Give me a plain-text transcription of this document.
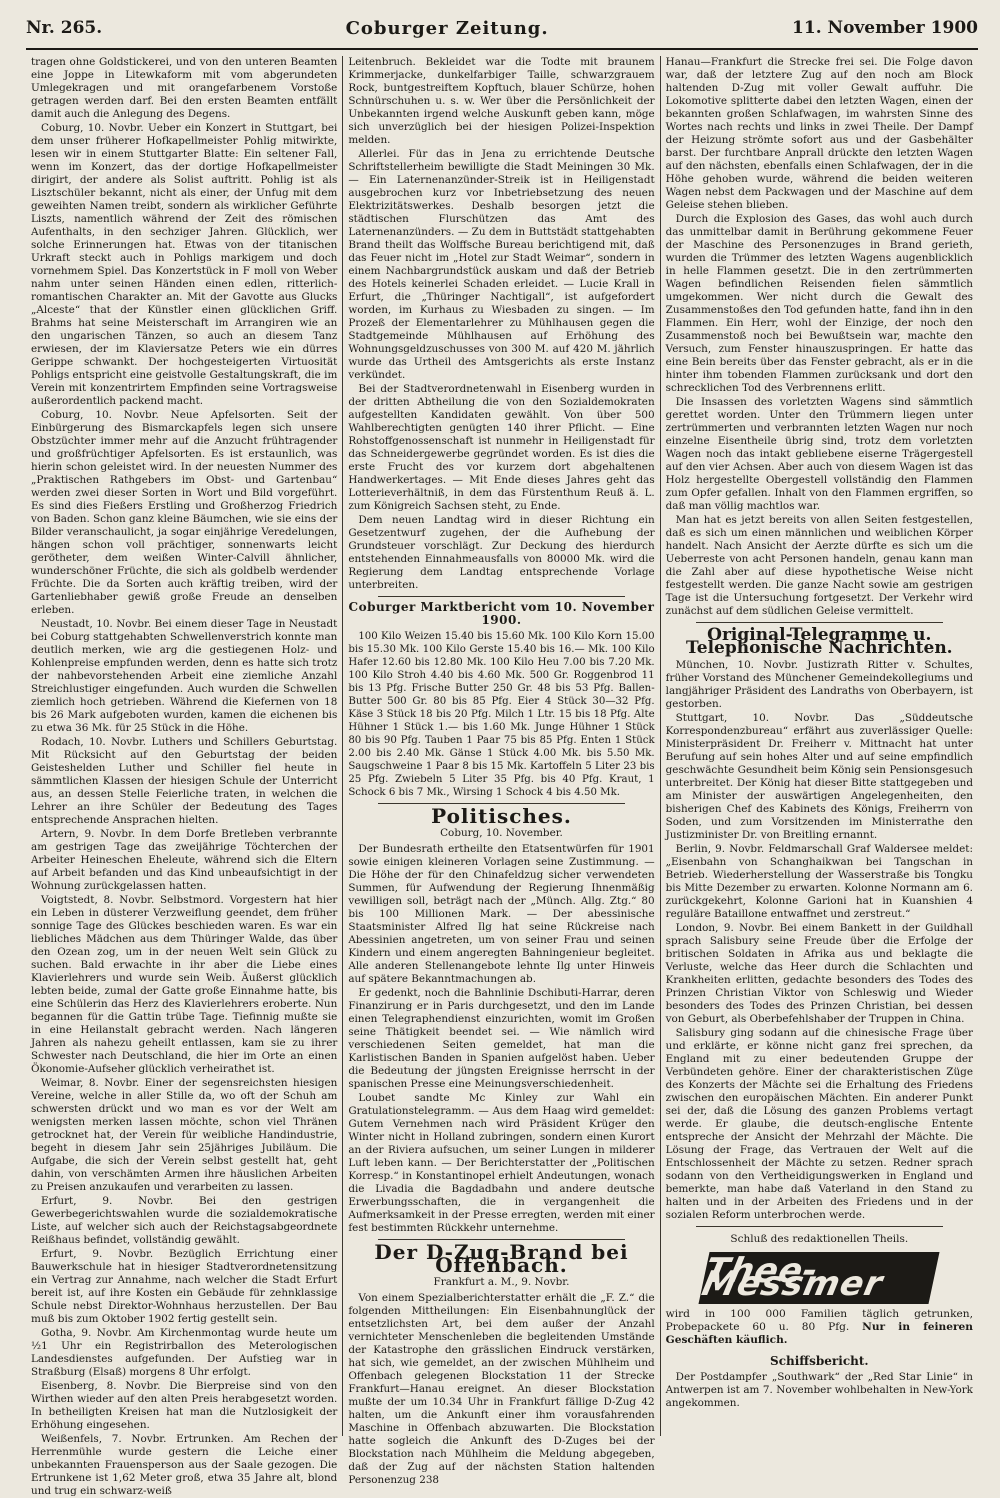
Nr. 265.	Coburger Zeitung.	11. November 1900

tragen ohne Goldstickerei, und von den unteren Beamten eine Joppe in Litewkaform mit vom abgerundeten Umlegekragen und mit orangefarbenem Vorstoße getragen werden darf. Bei den ersten Beamten entfällt damit auch die Anlegung des Degens.

Coburg, 10. Novbr. Ueber ein Konzert in Stuttgart, bei dem unser früherer Hofkapellmeister Pohlig mitwirkte, lesen wir in einem Stuttgarter Blatte: Ein seltener Fall, wenn im Konzert, das der dortige Hofkapellmeister dirigirt, der andere als Solist auftritt. Pohlig ist als Lisztschüler bekannt, nicht als einer, der Unfug mit dem geweihten Namen treibt, sondern als wirklicher Geführte Liszts, namentlich während der Zeit des römischen Aufenthalts, in den sechziger Jahren. Glücklich, wer solche Erinnerungen hat. Etwas von der titanischen Urkraft steckt auch in Pohligs markigem und doch vornehmem Spiel. Das Konzertstück in F moll von Weber nahm unter seinen Händen einen edlen, ritterlich-romantischen Charakter an. Mit der Gavotte aus Glucks „Alceste“ that der Künstler einen glücklichen Griff. Brahms hat seine Meisterschaft im Arrangiren wie an den ungarischen Tänzen, so auch an diesem Tanz erwiesen, der im Klaviersatze Peters wie ein dürres Gerippe schwankt. Der hochgesteigerten Virtuosität Pohligs entspricht eine geistvolle Gestaltungskraft, die im Verein mit konzentrirtem Empfinden seine Vortragsweise außerordentlich packend macht.

Coburg, 10. Novbr. Neue Apfelsorten. Seit der Einbürgerung des Bismarckapfels legen sich unsere Obstzüchter immer mehr auf die Anzucht frühtragender und großfrüchtiger Apfelsorten. Es ist erstaunlich, was hierin schon geleistet wird. In der neuesten Nummer des „Praktischen Rathgebers im Obst- und Gartenbau“ werden zwei dieser Sorten in Wort und Bild vorgeführt. Es sind dies Fießers Erstling und Großherzog Friedrich von Baden. Schon ganz kleine Bäumchen, wie sie eins der Bilder veranschaulicht, ja sogar einjährige Veredelungen, hängen schon voll prächtiger, sonnenwarts leicht gerötheter, dem weißen Winter-Calvill ähnlicher, wunderschöner Früchte, die sich als goldbelb werdender Früchte. Die da Sorten auch kräftig treiben, wird der Gartenliebhaber gewiß große Freude an denselben erleben.

Neustadt, 10. Novbr. Bei einem dieser Tage in Neustadt bei Coburg stattgehabten Schwellenverstrich konnte man deutlich merken, wie arg die gestiegenen Holz- und Kohlenpreise empfunden werden, denn es hatte sich trotz der nahbevorstehenden Arbeit eine ziemliche Anzahl Streichlustiger eingefunden. Auch wurden die Schwellen ziemlich hoch getrieben. Während die Kiefernen von 18 bis 26 Mark aufgeboten wurden, kamen die eichenen bis zu etwa 36 Mk. für 25 Stück in die Höhe.

Rodach, 10. Novbr. Luthers und Schillers Geburtstag. Mit Rücksicht auf den Geburtstag der beiden Geisteshelden Luther und Schiller fiel heute in sämmtlichen Klassen der hiesigen Schule der Unterricht aus, an dessen Stelle Feierliche traten, in welchen die Lehrer an ihre Schüler der Bedeutung des Tages entsprechende Ansprachen hielten.

Artern, 9. Novbr. In dem Dorfe Bretleben verbrannte am gestrigen Tage das zweijährige Töchterchen der Arbeiter Heineschen Eheleute, während sich die Eltern auf Arbeit befanden und das Kind unbeaufsichtigt in der Wohnung zurückgelassen hatten.

Voigtstedt, 8. Novbr. Selbstmord. Vorgestern hat hier ein Leben in düsterer Verzweiflung geendet, dem früher sonnige Tage des Glückes beschieden waren. Es war ein liebliches Mädchen aus dem Thüringer Walde, das über den Ozean zog, um in der neuen Welt sein Glück zu suchen. Bald erwachte in ihr aber die Liebe eines Klavierlehrers und wurde sein Weib. Äußerst glücklich lebten beide, zumal der Gatte große Einnahme hatte, bis eine Schülerin das Herz des Klavierlehrers eroberte. Nun begannen für die Gattin trübe Tage. Tiefinnig mußte sie in eine Heilanstalt gebracht werden. Nach längeren Jahren als nahezu geheilt entlassen, kam sie zu ihrer Schwester nach Deutschland, die hier im Orte an einen Ökonomie-Aufseher glücklich verheirathet ist.

Weimar, 8. Novbr. Einer der segensreichsten hiesigen Vereine, welche in aller Stille da, wo oft der Schuh am schwersten drückt und wo man es vor der Welt am wenigsten merken lassen möchte, schon viel Thränen getrocknet hat, der Verein für weibliche Handindustrie, begeht in diesem Jahr sein 25jähriges Jubiläum. Die Aufgabe, die sich der Verein selbst gestellt hat, geht dahin, von verschämten Armen ihre häuslichen Arbeiten zu Preisen anzukaufen und verarbeiten zu lassen.

Erfurt, 9. Novbr. Bei den gestrigen Gewerbegerichtswahlen wurde die sozialdemokratische Liste, auf welcher sich auch der Reichstagsabgeordnete Reißhaus befindet, vollständig gewählt.

Erfurt, 9. Novbr. Bezüglich Errichtung einer Bauwerkschule hat in hiesiger Stadtverordnetensitzung ein Vertrag zur Annahme, nach welcher die Stadt Erfurt bereit ist, auf ihre Kosten ein Gebäude für zehnklassige Schule nebst Direktor-Wohnhaus herzustellen. Der Bau muß bis zum Oktober 1902 fertig gestellt sein.

Gotha, 9. Novbr. Am Kirchenmontag wurde heute um ½1 Uhr ein Registrirballon des Meterologischen Landesdienstes aufgefunden. Der Aufstieg war in Straßburg (Elsaß) morgens 8 Uhr erfolgt.

Eisenberg, 8. Novbr. Die Bierpreise sind von den Wirthen wieder auf den alten Preis herabgesetzt worden. In betheiligten Kreisen hat man die Nutzlosigkeit der Erhöhung eingesehen.

Weißenfels, 7. Novbr. Ertrunken. Am Rechen der Herrenmühle wurde gestern die Leiche einer unbekannten Frauensperson aus der Saale gezogen. Die Ertrunkene ist 1,62 Meter groß, etwa 35 Jahre alt, blond und trug ein schwarz-weiß

Leitenbruch. Bekleidet war die Todte mit braunem Krimmerjacke, dunkelfarbiger Taille, schwarzgrauem Rock, buntgestreiftem Kopftuch, blauer Schürze, hohen Schnürschuhen u. s. w. Wer über die Persönlichkeit der Unbekannten irgend welche Auskunft geben kann, möge sich unverzüglich bei der hiesigen Polizei-Inspektion melden.

Allerlei. Für das in Jena zu errichtende Deutsche Schriftstellerheim bewilligte die Stadt Meiningen 30 Mk. — Ein Laternenanzünder-Streik ist in Heiligenstadt ausgebrochen kurz vor Inbetriebsetzung des neuen Elektrizitätswerkes. Deshalb besorgen jetzt die städtischen Flurschützen das Amt des Laternenanzünders. — Zu dem in Buttstädt stattgehabten Brand theilt das Wolffsche Bureau berichtigend mit, daß das Feuer nicht im „Hotel zur Stadt Weimar“, sondern in einem Nachbargrundstück auskam und daß der Betrieb des Hotels keinerlei Schaden erleidet. — Lucie Krall in Erfurt, die „Thüringer Nachtigall“, ist aufgefordert worden, im Kurhaus zu Wiesbaden zu singen. — Im Prozeß der Elementarlehrer zu Mühlhausen gegen die Stadtgemeinde Mühlhausen auf Erhöhung des Wohnungsgeldzuschusses von 300 M. auf 420 M. jährlich wurde das Urtheil des Amtsgerichts als erste Instanz verkündet.

Bei der Stadtverordnetenwahl in Eisenberg wurden in der dritten Abtheilung die von den Sozialdemokraten aufgestellten Kandidaten gewählt. Von über 500 Wahlberechtigten genügten 140 ihrer Pflicht. — Eine Rohstoffgenossenschaft ist nunmehr in Heiligenstadt für das Schneidergewerbe gegründet worden. Es ist dies die erste Frucht des vor kurzem dort abgehaltenen Handwerkertages. — Mit Ende dieses Jahres geht das Lotterieverhältniß, in dem das Fürstenthum Reuß ä. L. zum Königreich Sachsen steht, zu Ende.

Dem neuen Landtag wird in dieser Richtung ein Gesetzentwurf zugehen, der die Aufhebung der Grundsteuer vorschlägt. Zur Deckung des hierdurch entstehenden Einnahmeausfalls von 80000 Mk. wird die Regierung dem Landtag entsprechende Vorlage unterbreiten.

Coburger Marktbericht vom 10. November 1900.

100 Kilo Weizen 15.40 bis 15.60 Mk. 100 Kilo Korn 15.00 bis 15.30 Mk. 100 Kilo Gerste 15.40 bis 16.— Mk. 100 Kilo Hafer 12.60 bis 12.80 Mk. 100 Kilo Heu 7.00 bis 7.20 Mk. 100 Kilo Stroh 4.40 bis 4.60 Mk. 500 Gr. Roggenbrod 11 bis 13 Pfg. Frische Butter 250 Gr. 48 bis 53 Pfg. Ballen-Butter 500 Gr. 80 bis 85 Pfg. Eier 4 Stück 30—32 Pfg. Käse 3 Stück 18 bis 20 Pfg. Milch 1 Ltr. 15 bis 18 Pfg. Alte Hühner 1 Stück 1.— bis 1.60 Mk. Junge Hühner 1 Stück 80 bis 90 Pfg. Tauben 1 Paar 75 bis 85 Pfg. Enten 1 Stück 2.00 bis 2.40 Mk. Gänse 1 Stück 4.00 Mk. bis 5.50 Mk. Saugschweine 1 Paar 8 bis 15 Mk. Kartoffeln 5 Liter 23 bis 25 Pfg. Zwiebeln 5 Liter 35 Pfg. bis 40 Pfg. Kraut, 1 Schock 6 bis 7 Mk., Wirsing 1 Schock 4 bis 4.50 Mk.

Politisches.
Coburg, 10. November.

Der Bundesrath ertheilte den Etatsentwürfen für 1901 sowie einigen kleineren Vorlagen seine Zustimmung. — Die Höhe der für den Chinafeldzug sicher verwendeten Summen, für Aufwendung der Regierung Ihnenmäßig vewilligen soll, beträgt nach der „Münch. Allg. Ztg.“ 80 bis 100 Millionen Mark. — Der abessinische Staatsminister Alfred Ilg hat seine Rückreise nach Abessinien angetreten, um von seiner Frau und seinen Kindern und einem angeregten Bahningenieur begleitet. Alle anderen Stellenangebote lehnte Ilg unter Hinweis auf spätere Bekanntmachungen ab.

Er gedenkt, noch die Bahnlinie Dschibuti-Harrar, deren Finanzirung er in Paris durchgesetzt, und den im Lande einen Telegraphendienst einzurichten, womit im Großen seine Thätigkeit beendet sei. — Wie nämlich wird verschiedenen Seiten gemeldet, hat man die Karlistischen Banden in Spanien aufgelöst haben. Ueber die Bedeutung der jüngsten Ereignisse herrscht in der spanischen Presse eine Meinungsverschiedenheit.

Loubet sandte Mc Kinley zur Wahl ein Gratulationstelegramm. — Aus dem Haag wird gemeldet: Gutem Vernehmen nach wird Präsident Krüger den Winter nicht in Holland zubringen, sondern einen Kurort an der Riviera aufsuchen, um seiner Lungen in milderer Luft leben kann. — Der Berichterstatter der „Politischen Korresp.“ in Konstantinopel erhielt Andeutungen, wonach die Livadia die Bagdadbahn und andere deutsche Erwerbungsschaften, die in vergangenheit die Aufmerksamkeit in der Presse erregten, werden mit einer fest bestimmten Rückkehr unternehme.

Der D-Zug-Brand bei Offenbach.
Frankfurt a. M., 9. Novbr.

Von einem Spezialberichterstatter erhält die „F. Z.“ die folgenden Mittheilungen: Ein Eisenbahnunglück der entsetzlichsten Art, bei dem außer der Anzahl vernichteter Menschenleben die begleitenden Umstände der Katastrophe den grässlichen Eindruck verstärken, hat sich, wie gemeldet, an der zwischen Mühlheim und Offenbach gelegenen Blockstation 11 der Strecke Frankfurt—Hanau ereignet. An dieser Blockstation mußte der um 10.34 Uhr in Frankfurt fällige D-Zug 42 halten, um die Ankunft einer ihm vorausfahrenden Maschine in Offenbach abzuwarten. Die Blockstation hatte sogleich die Ankunft des D-Zuges bei der Blockstation nach Mühlheim die Meldung abgegeben, daß der Zug auf der nächsten Station haltenden Personenzug 238

Hanau—Frankfurt die Strecke frei sei. Die Folge davon war, daß der letztere Zug auf den noch am Block haltenden D-Zug mit voller Gewalt auffuhr. Die Lokomotive splitterte dabei den letzten Wagen, einen der bekannten großen Schlafwagen, im wahrsten Sinne des Wortes nach rechts und links in zwei Theile. Der Dampf der Heizung strömte sofort aus und der Gasbehälter barst. Der furchtbare Anprall drückte den letzten Wagen auf den nächsten, ebenfalls einen Schlafwagen, der in die Höhe gehoben wurde, während die beiden weiteren Wagen nebst dem Packwagen und der Maschine auf dem Geleise stehen blieben.

Durch die Explosion des Gases, das wohl auch durch das unmittelbar damit in Berührung gekommene Feuer der Maschine des Personenzuges in Brand gerieth, wurden die Trümmer des letzten Wagens augenblicklich in helle Flammen gesetzt. Die in den zertrümmerten Wagen befindlichen Reisenden fielen sämmtlich umgekommen. Wer nicht durch die Gewalt des Zusammenstoßes den Tod gefunden hatte, fand ihn in den Flammen. Ein Herr, wohl der Einzige, der noch den Zusammenstoß noch bei Bewußtsein war, machte den Versuch, zum Fenster hinauszuspringen. Er hatte das eine Bein bereits über das Fenster gebracht, als er in die hinter ihm tobenden Flammen zurücksank und dort den schrecklichen Tod des Verbrennens erlitt.

Die Insassen des vorletzten Wagens sind sämmtlich gerettet worden. Unter den Trümmern liegen unter zertrümmerten und verbrannten letzten Wagen nur noch einzelne Eisentheile übrig sind, trotz dem vorletzten Wagen noch das intakt gebliebene eiserne Trägergestell auf den vier Achsen. Aber auch von diesem Wagen ist das Holz hergestellte Obergestell vollständig den Flammen zum Opfer gefallen. Inhalt von den Flammen ergriffen, so daß man völlig machtlos war.

Man hat es jetzt bereits von allen Seiten festgestellen, daß es sich um einen männlichen und weiblichen Körper handelt. Nach Ansicht der Aerzte dürfte es sich um die Ueberreste von acht Personen handeln, genau kann man die Zahl aber auf diese hypothetische Weise nicht festgestellt werden. Die ganze Nacht sowie am gestrigen Tage ist die Untersuchung fortgesetzt. Der Verkehr wird zunächst auf dem südlichen Geleise vermittelt.

Original-Telegramme u. Telephonische Nachrichten.

München, 10. Novbr. Justizrath Ritter v. Schultes, früher Vorstand des Münchener Gemeindekollegiums und langjähriger Präsident des Landraths von Oberbayern, ist gestorben.

Stuttgart, 10. Novbr. Das „Süddeutsche Korrespondenzbureau“ erfährt aus zuverlässiger Quelle: Ministerpräsident Dr. Freiherr v. Mittnacht hat unter Berufung auf sein hohes Alter und auf seine empfindlich geschwächte Gesundheit beim König sein Pensionsgesuch unterbreitet. Der König hat dieser Bitte stattgegeben und am Minister der auswärtigen Angelegenheiten, den bisherigen Chef des Kabinets des Königs, Freiherrn von Soden, und zum Vorsitzenden im Ministerrathe den Justizminister Dr. von Breitling ernannt.

Berlin, 9. Novbr. Feldmarschall Graf Waldersee meldet: „Eisenbahn von Schanghaikwan bei Tangschan in Betrieb. Wiederherstellung der Wasserstraße bis Tongku bis Mitte Dezember zu erwarten. Kolonne Normann am 6. zurückgekehrt, Kolonne Garioni hat in Kuanshien 4 reguläre Bataillone entwaffnet und zerstreut.“

London, 9. Novbr. Bei einem Bankett in der Guildhall sprach Salisbury seine Freude über die Erfolge der britischen Soldaten in Afrika aus und beklagte die Verluste, welche das Heer durch die Schlachten und Krankheiten erlitten, gedachte besonders des Todes des Prinzen Christian Viktor von Schleswig und Wieder besonders des Todes des Prinzen Christian, bei dessen von Geburt, als Oberbefehlshaber der Truppen in China.

Salisbury ging sodann auf die chinesische Frage über und erklärte, er könne nicht ganz frei sprechen, da England mit zu einer bedeutenden Gruppe der Verbündeten gehöre. Einer der charakteristischen Züge des Konzerts der Mächte sei die Erhaltung des Friedens zwischen den europäischen Mächten. Ein anderer Punkt sei der, daß die Lösung des ganzen Problems vertagt werde. Er glaube, die deutsch-englische Entente entspreche der Ansicht der Mehrzahl der Mächte. Die Lösung der Frage, das Vertrauen der Welt auf die Entschlossenheit der Mächte zu setzen. Redner sprach sodann von den Vertheidigungswerken in England und bemerkte, man habe daß Vaterland in den Stand zu halten und in der Arbeiten des Friedens und in der sozialen Reform unterbrochen werde.

Schluß des redaktionellen Theils.
Thee-Messmer

wird in 100 000 Familien täglich getrunken, Probepackete 60 u. 80 Pfg. Nur in feineren Geschäften käuflich.

Schiffsbericht.

Der Postdampfer „Southwark“ der „Red Star Linie“ in Antwerpen ist am 7. November wohlbehalten in New-York angekommen.
